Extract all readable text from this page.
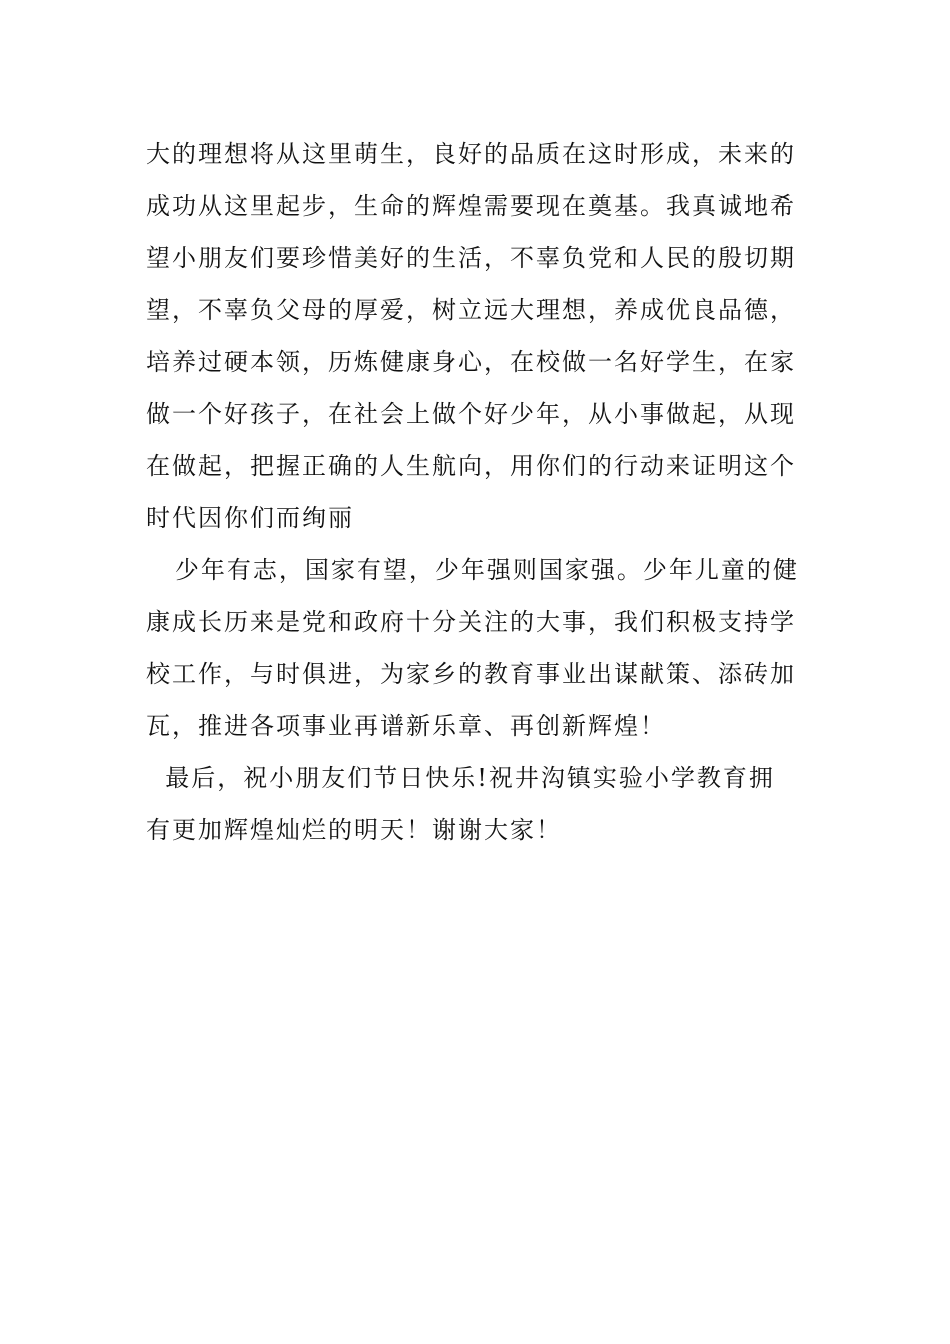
大的理想将从这里萌生，良好的品质在这时形成，未来的
成功从这里起步，生命的辉煌需要现在奠基。我真诚地希
望小朋友们要珍惜美好的生活，不辜负党和人民的殷切期
望，不辜负父母的厚爱，树立远大理想，养成优良品德，
培养过硬本领，历炼健康身心，在校做一名好学生，在家
做一个好孩子，在社会上做个好少年，从小事做起，从现
在做起，把握正确的人生航向，用你们的行动来证明这个
时代因你们而绚丽
少年有志，国家有望，少年强则国家强。少年儿童的健
康成长历来是党和政府十分关注的大事，我们积极支持学
校工作，与时俱进，为家乡的教育事业出谋献策、添砖加
瓦，推进各项事业再谱新乐章、再创新辉煌！
最后，祝小朋友们节日快乐!祝井沟镇实验小学教育拥
有更加辉煌灿烂的明天！谢谢大家！
